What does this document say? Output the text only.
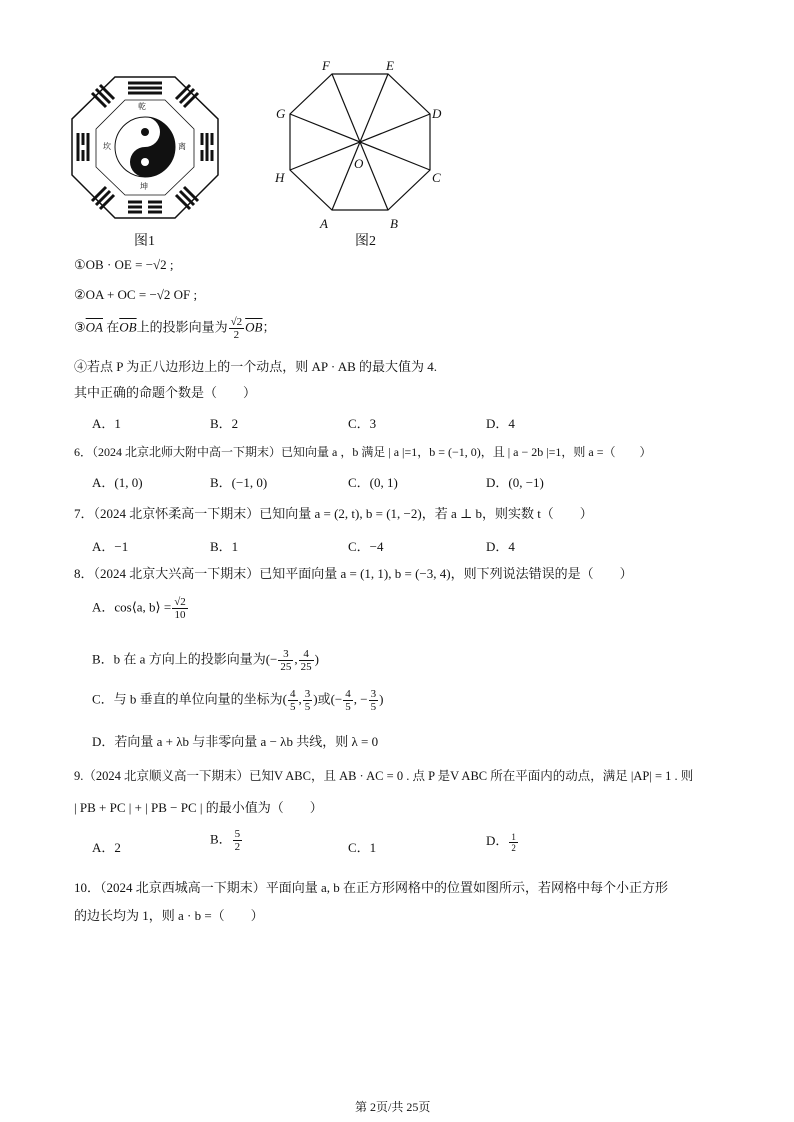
乾
坎	离
坤
图1
F	E
G	D
O
H	C
A	B
图2
①OB · OE = −√2 ;
②OA + OC = −√2 OF ;
$③\overline{OA}$ 在$\overline{OB}$上的投影向量为 $\frac{√2}{2} \overline{OB}$；
④若点 P 为正八边形边上的一个动点，则 AP · AB 的最大值为 4.
其中正确的命题个数是（　　）
A．1	B．2	C．3	D．4
6．（2024 北京北师大附中高一下期末）已知向量 a ，b 满足 | a |=1，b = (−1, 0)，且 | a − 2b |=1，则 a =（　　）
A．(1, 0)	B．(−1, 0)	C．(0, 1)	D．(0, −1)
7．（2024 北京怀柔高一下期末）已知向量 a = (2, t), b = (1, −2)，若 a ⊥ b，则实数 t（　　）
A．−1	B．1	C．−4	D．4
8．（2024 北京大兴高一下期末）已知平面向量 a = (1, 1), b = (−3, 4)，则下列说法错误的是（　　）
A．cos⟨a, b⟩ = $\frac{√2}{10}$
B．b 在 a 方向上的投影向量为(− $\frac{3}{25}$ , $\frac{4}{25}$ )
C．与 b 垂直的单位向量的坐标为( $\frac{4}{5}$ , $\frac{3}{5}$ )或(− $\frac{4}{5}$ , − $\frac{3}{5}$ )
D．若向量 a + λb 与非零向量 a − λb 共线，则 λ = 0
9.（2024 北京顺义高一下期末）已知V ABC，且 AB · AC = 0 . 点 P 是V ABC 所在平面内的动点，满足 |AP| = 1 . 则
| PB + PC | + | PB − PC | 的最小值为（　　）
A．2
B． $\frac{5}{2}$	C．1	D． $\frac{1}{2}$
10．（2024 北京西城高一下期末）平面向量 a, b 在正方形网格中的位置如图所示，若网格中每个小正方形
的边长均为 1，则 a · b =（　　）
第 2页/共 25页
